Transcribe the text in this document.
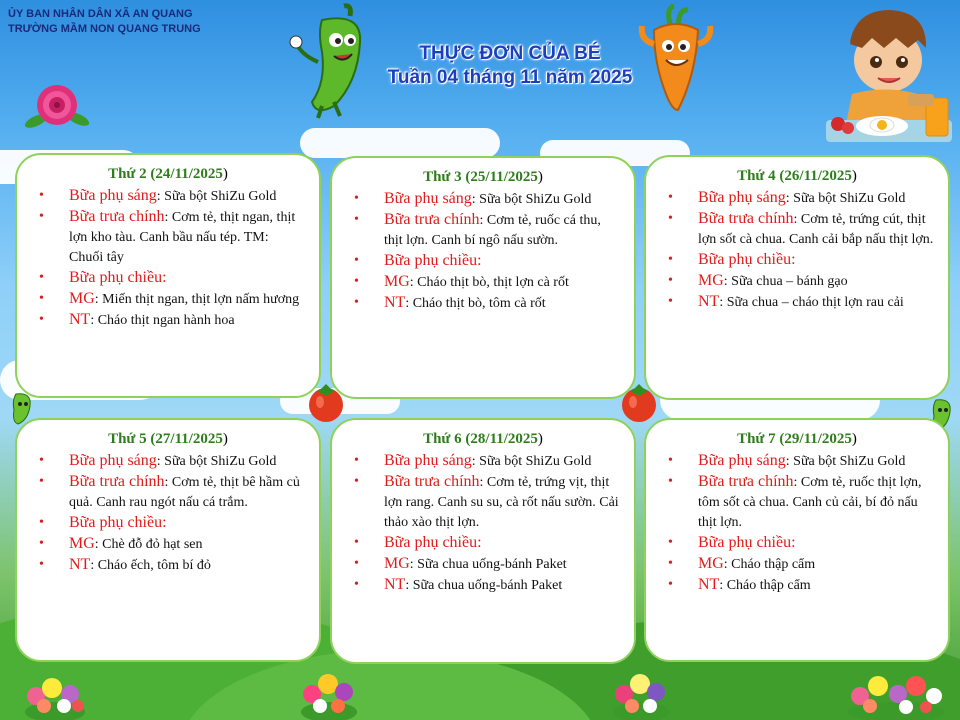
ỦY BAN NHÂN DÂN XÃ AN QUANG
TRƯỜNG MẦM NON QUANG TRUNG
THỰC ĐƠN CỦA BÉ
Tuần 04 tháng 11 năm 2025
Thứ 2 (24/11/2025)
• Bữa phụ sáng: Sữa bột ShiZu Gold
• Bữa trưa chính: Cơm tẻ, thịt ngan, thịt lợn kho tàu. Canh bầu nấu tép. TM: Chuối tây
• Bữa phụ chiều:
• MG: Miến thịt ngan, thịt lợn nấm hương
• NT: Cháo thịt ngan hành hoa
Thứ 3 (25/11/2025)
• Bữa phụ sáng: Sữa bột ShiZu Gold
• Bữa trưa chính: Cơm tẻ, ruốc cá thu, thịt lợn. Canh bí ngô nấu sườn.
• Bữa phụ chiều:
• MG: Cháo thịt bò, thịt lợn cà rốt
• NT: Cháo thịt bò, tôm cà rốt
Thứ 4 (26/11/2025)
• Bữa phụ sáng: Sữa bột ShiZu Gold
• Bữa trưa chính: Cơm tẻ, trứng cút, thịt lợn sốt cà chua. Canh cải bắp nấu thịt lợn.
• Bữa phụ chiều:
• MG: Sữa chua – bánh gạo
• NT: Sữa chua – cháo thịt lợn rau cải
Thứ 5 (27/11/2025)
• Bữa phụ sáng: Sữa bột ShiZu Gold
• Bữa trưa chính: Cơm tẻ, thịt bê hầm củ quả. Canh rau ngót nấu cá trắm.
• Bữa phụ chiều:
• MG: Chè đỗ đỏ hạt sen
• NT: Cháo ếch, tôm bí đỏ
Thứ 6 (28/11/2025)
• Bữa phụ sáng: Sữa bột ShiZu Gold
• Bữa trưa chính: Cơm tẻ, trứng vịt, thịt lợn rang. Canh su su, cà rốt nấu sườn. Cải thảo xào thịt lợn.
• Bữa phụ chiều:
• MG: Sữa chua uống-bánh Paket
• NT: Sữa chua uống-bánh Paket
Thứ 7 (29/11/2025)
• Bữa phụ sáng: Sữa bột ShiZu Gold
• Bữa trưa chính: Cơm tẻ, ruốc thịt lợn, tôm sốt cà chua. Canh củ cải, bí đỏ nấu thịt lợn.
• Bữa phụ chiều:
• MG: Cháo thập cẩm
• NT: Cháo thập cẩm
